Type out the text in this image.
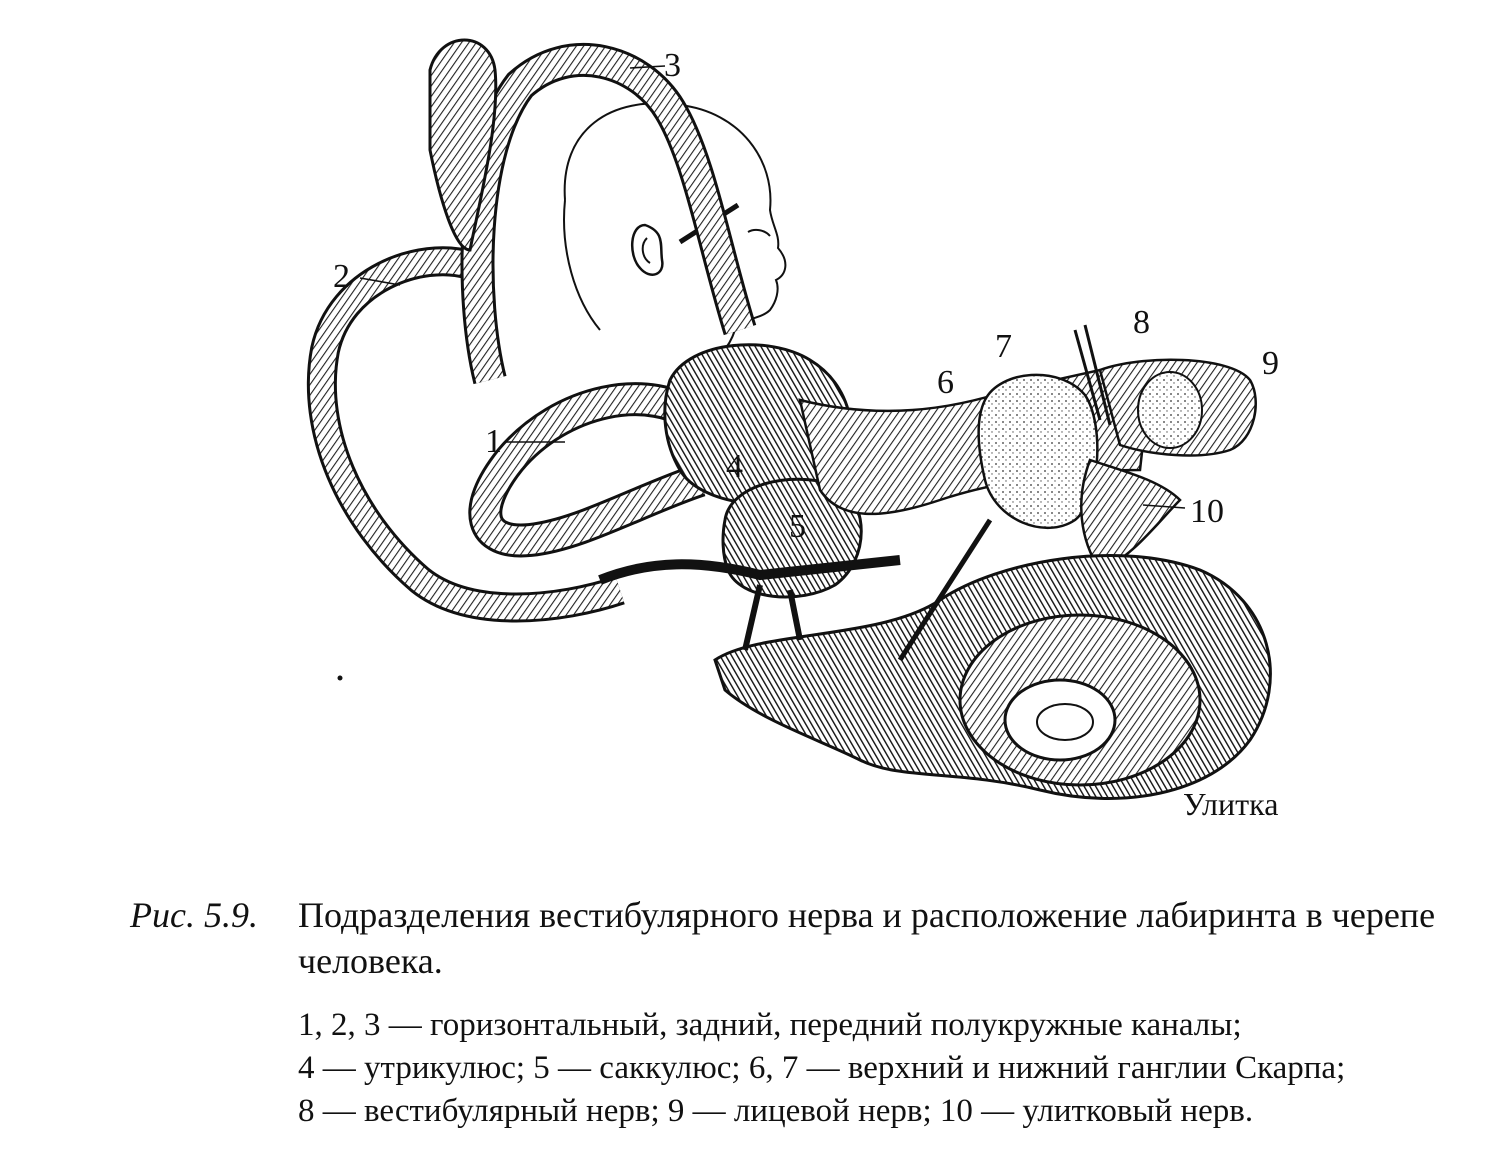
1
2
3
4
5
6
7
8
9
10
Улитка
Рис. 5.9.	Подразделения вестибулярного нерва и расположение лабиринта в черепе человека.
1, 2, 3 — горизонтальный, задний, передний полукружные каналы;
4 — утрикулюс; 5 — саккулюс; 6, 7 — верхний и нижний ганглии Скарпа;
8 — вестибулярный нерв; 9 — лицевой нерв; 10 — улитковый нерв.
